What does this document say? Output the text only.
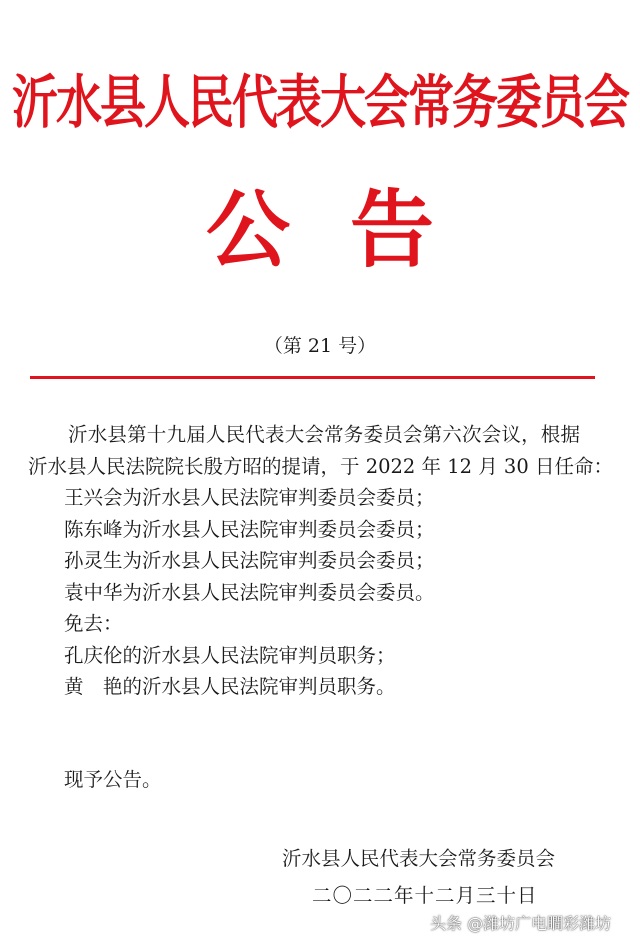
沂水县人民代表大会常务委员会
公告
（第 21 号）
沂水县第十九届人民代表大会常务委员会第六次会议，根据
沂水县人民法院院长殷方昭的提请，于 2022 年 12 月 30 日任命：
王兴会为沂水县人民法院审判委员会委员；
陈东峰为沂水县人民法院审判委员会委员；
孙灵生为沂水县人民法院审判委员会委员；
袁中华为沂水县人民法院审判委员会委员。
免去：
孔庆伦的沂水县人民法院审判员职务；
黄　艳的沂水县人民法院审判员职务。
现予公告。
沂水县人民代表大会常务委员会
二〇二二年十二月三十日
头条 @潍坊广电瞷彩潍坊
